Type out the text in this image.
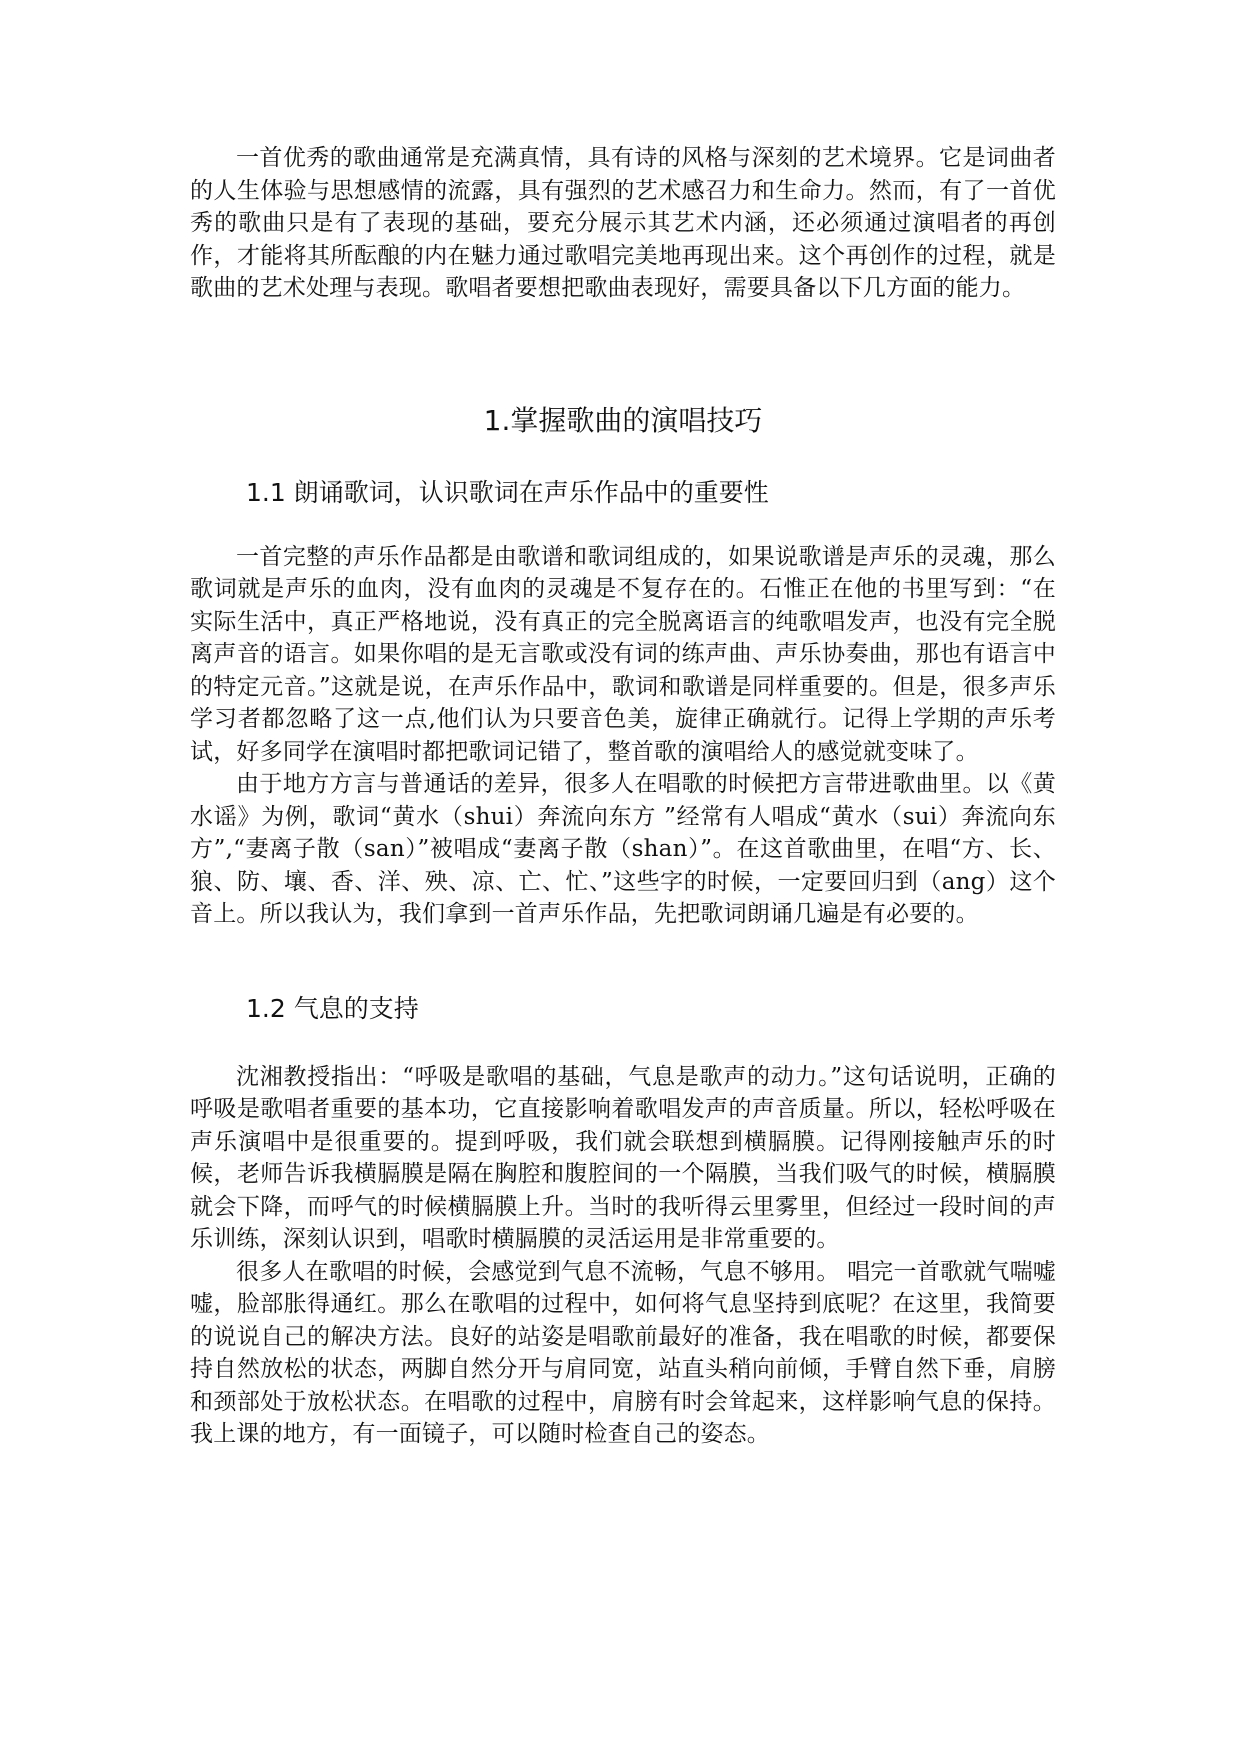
一首优秀的歌曲通常是充满真情，具有诗的风格与深刻的艺术境界。它是词曲者的人生体验与思想感情的流露，具有强烈的艺术感召力和生命力。然而，有了一首优秀的歌曲只是有了表现的基础，要充分展示其艺术内涵，还必须通过演唱者的再创作，才能将其所酝酿的内在魅力通过歌唱完美地再现出来。这个再创作的过程，就是歌曲的艺术处理与表现。歌唱者要想把歌曲表现好，需要具备以下几方面的能力。

1.掌握歌曲的演唱技巧
1.1 朗诵歌词，认识歌词在声乐作品中的重要性

一首完整的声乐作品都是由歌谱和歌词组成的，如果说歌谱是声乐的灵魂，那么歌词就是声乐的血肉，没有血肉的灵魂是不复存在的。石惟正在他的书里写到：“在实际生活中，真正严格地说，没有真正的完全脱离语言的纯歌唱发声，也没有完全脱离声音的语言。如果你唱的是无言歌或没有词的练声曲、声乐协奏曲，那也有语言中的特定元音。”这就是说，在声乐作品中，歌词和歌谱是同样重要的。但是，很多声乐学习者都忽略了这一点,他们认为只要音色美，旋律正确就行。记得上学期的声乐考试，好多同学在演唱时都把歌词记错了，整首歌的演唱给人的感觉就变味了。

由于地方方言与普通话的差异，很多人在唱歌的时候把方言带进歌曲里。以《黄水谣》为例，歌词“黄水（shui）奔流向东方 ”经常有人唱成“黄水（sui）奔流向东方”,“妻离子散（san）”被唱成“妻离子散（shan）”。在这首歌曲里，在唱“方、长、狼、防、壤、香、洋、殃、凉、亡、忙、”这些字的时候，一定要回归到（ang）这个音上。所以我认为，我们拿到一首声乐作品，先把歌词朗诵几遍是有必要的。

1.2 气息的支持

沈湘教授指出：“呼吸是歌唱的基础，气息是歌声的动力。”这句话说明，正确的呼吸是歌唱者重要的基本功，它直接影响着歌唱发声的声音质量。所以，轻松呼吸在声乐演唱中是很重要的。提到呼吸，我们就会联想到横膈膜。记得刚接触声乐的时候，老师告诉我横膈膜是隔在胸腔和腹腔间的一个隔膜，当我们吸气的时候，横膈膜就会下降，而呼气的时候横膈膜上升。当时的我听得云里雾里，但经过一段时间的声乐训练，深刻认识到，唱歌时横膈膜的灵活运用是非常重要的。

很多人在歌唱的时候，会感觉到气息不流畅，气息不够用。 唱完一首歌就气喘嘘嘘，脸部胀得通红。那么在歌唱的过程中，如何将气息坚持到底呢？在这里，我简要的说说自己的解决方法。良好的站姿是唱歌前最好的准备，我在唱歌的时候，都要保持自然放松的状态，两脚自然分开与肩同宽，站直头稍向前倾，手臂自然下垂，肩膀和颈部处于放松状态。在唱歌的过程中，肩膀有时会耸起来，这样影响气息的保持。我上课的地方，有一面镜子，可以随时检查自己的姿态。
